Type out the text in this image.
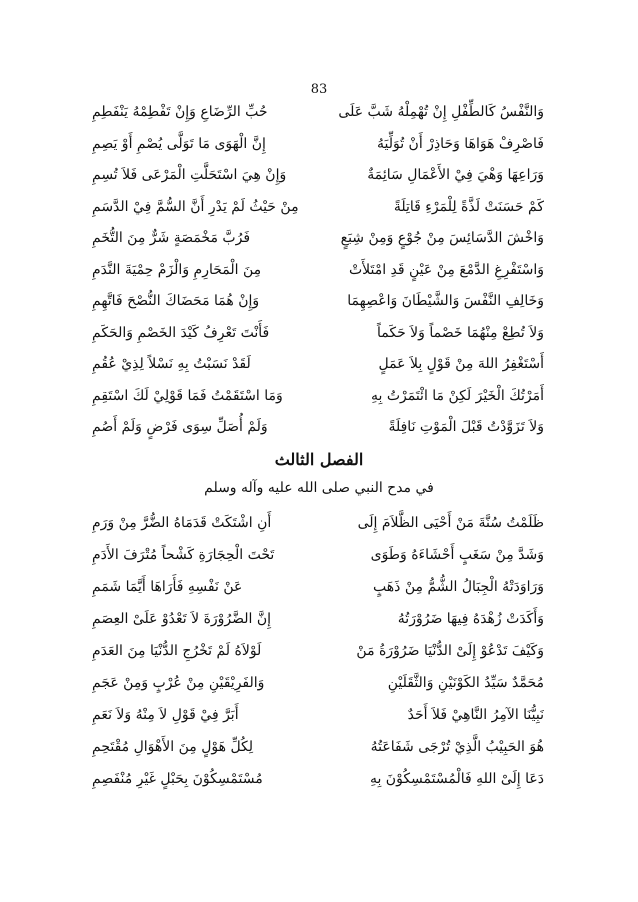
83
وَالنَّفْسُ كَالطِّفْلِ إِنْ تُهْمِلْهُ شَبَّ عَلَى
حُبِّ الرِّضَاعِ وَإِنْ تَفْطِمْهُ يَنْفَطِمِ
فَاصْرِفْ هَوَاهَا وَحَاذِرْ أَنْ تُوَلِّيَهُ
إِنَّ الْهَوَى مَا تَوَلَّى يُصْمِ أَوْ يَصِمِ
وَرَاعِهَا وَهْيَ فِيْ الأَعْمَالِ سَائِمَةٌ
وَإِنْ هِيَ اسْتَحَلَّتِ الْمَرْعَى فَلاَ تُسِمِ
كَمْ حَسَنَتْ لَذَّةً لِلْمَرْءِ قَاتِلَةً
مِنْ حَيْثُ لَمْ يَدْرِ أَنَّ السُّمَّ فِيْ الدَّسَمِ
وَاخْشَ الدَّسَائِسَ مِنْ جُوْعٍ وَمِنْ شِبَعٍ
فَرُبَّ مَخْمَصَةٍ شَرٌّ مِنَ التُّخَمِ
وَاسْتَفْرِغِ الدَّمْعَ مِنْ عَيْنٍ قَدِ امْتَلأَتْ
مِنَ الْمَحَارِمِ وَالْزَمْ حِمْيَةَ النَّدَمِ
وَخَالِفِ النَّفْسَ وَالشَّيْطَانَ وَاعْصِهِمَا
وَإِنْ هُمَا مَحَضَاكَ النُّصْحَ فَاتَّهِمِ
وَلاَ تُطِعْ مِنْهُمَا خَصْماً وَلاَ حَكَماً
فَأَنْتَ تَعْرِفُ كَيْدَ الخَصْمِ وَالحَكَمِ
أَسْتَغْفِرُ اللهَ مِنْ قَوْلٍ بِلاَ عَمَلٍ
لَقَدْ نَسَبْتُ بِهِ نَسْلاً لِذِيْ عُقُمِ
أَمَرْتُكَ الْخَيْرَ لَكِنْ مَا ائْتَمَرْتُ بِهِ
وَمَا اسْتَقَمْتُ فَمَا قَوْلِيْ لَكَ اسْتَقِمِ
وَلاَ تَزَوَّدْتُ قَبْلَ الْمَوْتِ نَافِلَةً
وَلَمْ أُصَلِّ سِوَى فَرْضٍ وَلَمْ أَصُمِ
الفصل الثالث
في مدح النبي صلى الله عليه وآله وسلم
ظَلَمْتُ سُنَّةَ مَنْ أَحْيَى الظَّلاَمَ إِلَى
أَنِ اشْتَكَتْ قَدَمَاهُ الضُّرَّ مِنْ وَرَمِ
وَشَدَّ مِنْ سَغَبٍ أَحْشَاءَهُ وَطَوَى
تَحْتَ الْحِجَارَةِ كَشْحاً مُتْرَفَ الأَدَمِ
وَرَاوَدَتْهُ الْجِبَالُ الشُّمُّ مِنْ ذَهَبٍ
عَنْ نَفْسِهِ فَأَرَاهَا أَيَّمَا شَمَمِ
وَأَكَدَتْ زُهْدَهُ فِيهَا ضَرُوْرَتُهُ
إِنَّ الضَّرُوْرَةَ لاَ تَعْدُوْ عَلَىْ العِصَمِ
وَكَيْفَ تَدْعُوْ إِلَىْ الدُّنْيَا ضَرُوْرَةُ مَنْ
لَوْلاَهُ لَمْ تَخْرُجِ الدُّنْيَا مِنَ العَدَمِ
مُحَمَّدٌ سَيِّدُ الكَوْنَيْنِ وَالثَّقَلَيْنِ
وَالفَرِيْقَيْنِ مِنْ عُرْبٍ وَمِنْ عَجَمِ
نَبِيُّنَا الآمِرُ النَّاهِيْ فَلاَ أَحَدٌ
أَبَرَّ فِيْ قَوْلِ لاَ مِنْهُ وَلاَ نَعَمِ
هُوَ الحَبِيْبُ الَّذِيْ تُرْجَى شَفَاعَتُهُ
لِكُلِّ هَوْلٍ مِنَ الأَهْوَالِ مُقْتَحِمِ
دَعَا إِلَىْ اللهِ فَالْمُسْتَمْسِكُوْنَ بِهِ
مُسْتَمْسِكُوْنَ بِحَبْلٍ غَيْرِ مُنْفَصِمِ
